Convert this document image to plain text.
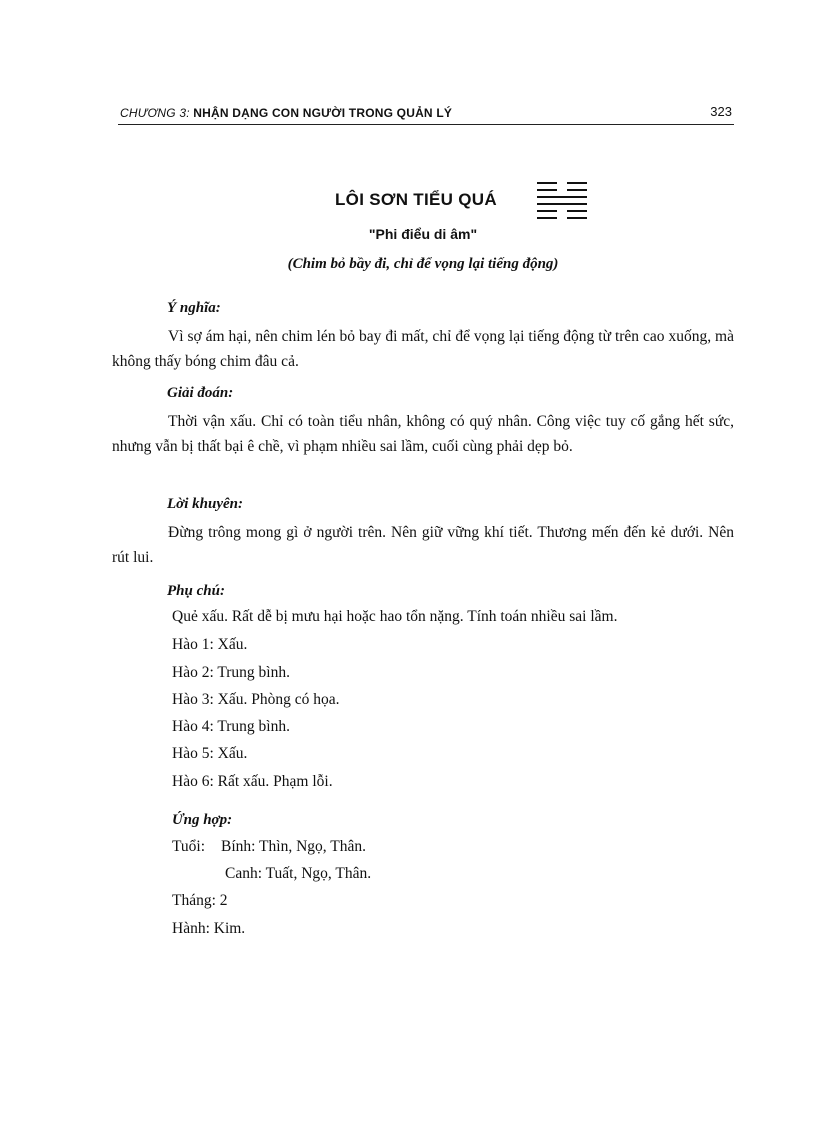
CHƯƠNG 3: NHẬN DẠNG CON NGƯỜI TRONG QUẢN LÝ	323
LÔI SƠN TIỂU QUÁ
"Phi điểu di âm"
(Chim bỏ bầy đi, chỉ để vọng lại tiếng động)
Ý nghĩa:
Vì sợ ám hại, nên chim lén bỏ bay đi mất, chỉ để vọng lại tiếng động từ trên cao xuống, mà không thấy bóng chim đâu cả.
Giải đoán:
Thời vận xấu. Chỉ có toàn tiểu nhân, không có quý nhân. Công việc tuy cố gắng hết sức, nhưng vẫn bị thất bại ê chề, vì phạm nhiều sai lầm, cuối cùng phải dẹp bỏ.
Lời khuyên:
Đừng trông mong gì ở người trên. Nên giữ vững khí tiết. Thương mến đến kẻ dưới. Nên rút lui.
Phụ chú:
Quẻ xấu. Rất dễ bị mưu hại hoặc hao tổn nặng. Tính toán nhiều sai lầm.
Hào 1: Xấu.
Hào 2: Trung bình.
Hào 3: Xấu. Phòng có họa.
Hào 4: Trung bình.
Hào 5: Xấu.
Hào 6: Rất xấu. Phạm lỗi.
Ứng hợp:
Tuổi: Bính: Thìn, Ngọ, Thân.
Canh: Tuất, Ngọ, Thân.
Tháng: 2
Hành: Kim.
